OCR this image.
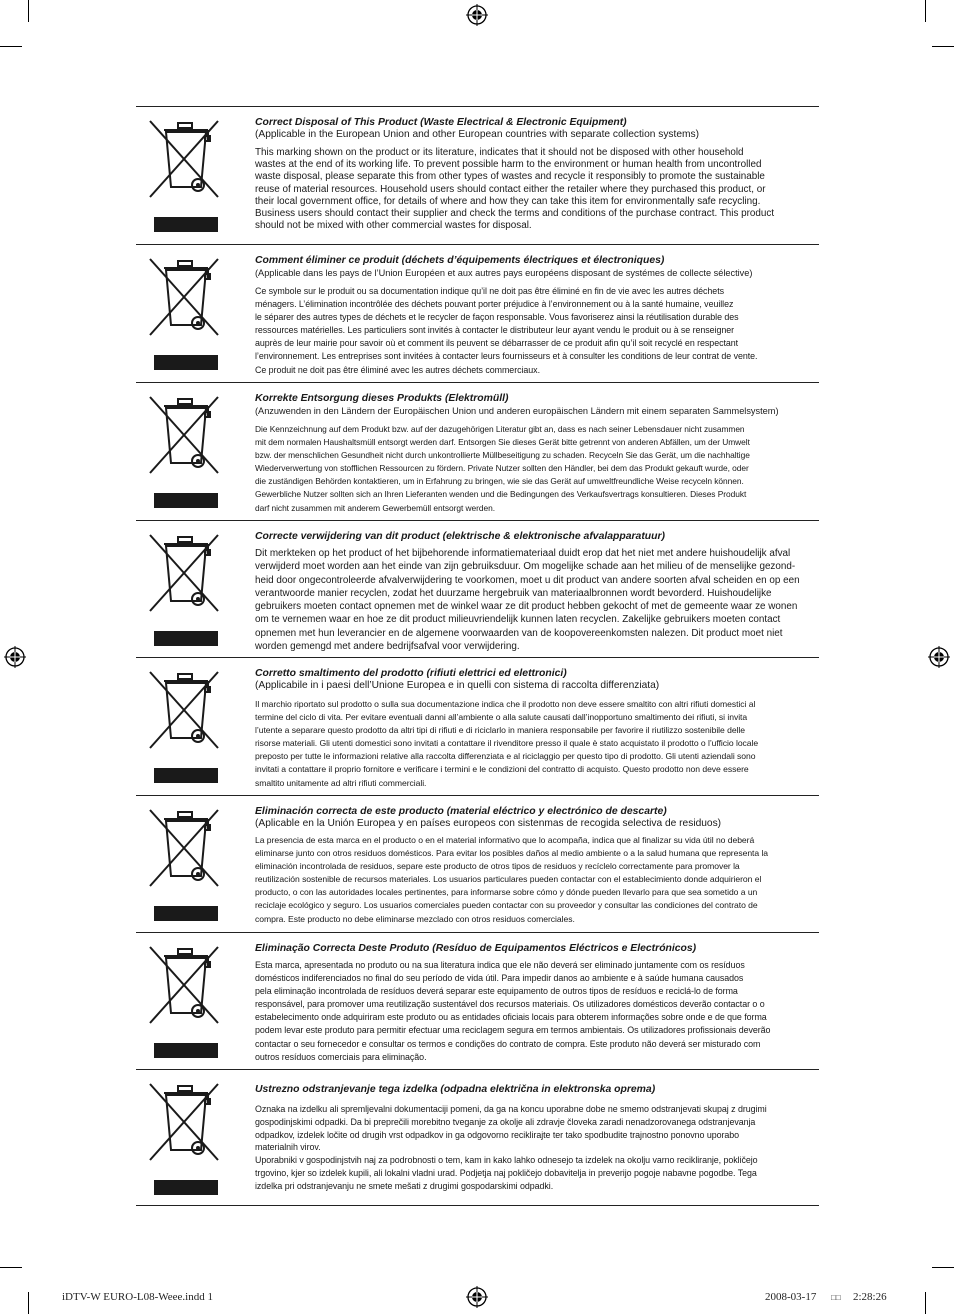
Correct Disposal of This Product (Waste Electrical & Electronic Equipment)

(Applicable in the European Union and other European countries with separate collection systems)

This marking shown on the product or its literature, indicates that it should not be disposed with other household
wastes at the end of its working life. To prevent possible harm to the environment or human health from uncontrolled
waste disposal, please separate this from other types of wastes and recycle it responsibly to promote the sustainable
reuse of material resources. Household users should contact either the retailer where they purchased this product, or
their local government office, for details of where and how they can take this item for environmentally safe recycling.
Business users should contact their supplier and check the terms and conditions of the purchase contract. This product
should not be mixed with other commercial wastes for disposal.

Comment éliminer ce produit (déchets d’équipements électriques et électroniques)

(Applicable dans les pays de l’Union Européen et aux autres pays européens disposant de systémes de collecte sélective)

Ce symbole sur le produit ou sa documentation indique qu’il ne doit pas être éliminé en fin de vie avec les autres déchets
ménagers. L’élimination incontrôlée des déchets pouvant porter préjudice à l’environnement ou à la santé humaine, veuillez
le séparer des autres types de déchets et le recycler de façon responsable. Vous favoriserez ainsi la réutilisation durable des
ressources matérielles. Les particuliers sont invités à contacter le distributeur leur ayant vendu le produit ou à se renseigner
auprès de leur mairie pour savoir où et comment ils peuvent se débarrasser de ce produit afin qu’il soit recyclé en respectant
l’environnement. Les entreprises sont invitées à contacter leurs fournisseurs et à consulter les conditions de leur contrat de vente.
Ce produit ne doit pas être éliminé avec les autres déchets commerciaux.

Korrekte Entsorgung dieses Produkts (Elektromüll)

(Anzuwenden in den Ländern der Europäischen Union und anderen europäischen Ländern mit einem separaten Sammelsystem)

Die Kennzeichnung auf dem Produkt bzw. auf der dazugehörigen Literatur gibt an, dass es nach seiner Lebensdauer nicht zusammen
mit dem normalen Haushaltsmüll entsorgt werden darf. Entsorgen Sie dieses Gerät bitte getrennt von anderen Abfällen, um der Umwelt
bzw. der menschlichen Gesundheit nicht durch unkontrollierte Müllbeseitigung zu schaden. Recyceln Sie das Gerät, um die nachhaltige
Wiederverwertung von stofflichen Ressourcen zu fördern. Private Nutzer sollten den Händler, bei dem das Produkt gekauft wurde, oder
die zuständigen Behörden kontaktieren, um in Erfahrung zu bringen, wie sie das Gerät auf umweltfreundliche Weise recyceln können.
Gewerbliche Nutzer sollten sich an Ihren Lieferanten wenden und die Bedingungen des Verkaufsvertrags konsultieren. Dieses Produkt
darf nicht zusammen mit anderem Gewerbemüll entsorgt werden.

Correcte verwijdering van dit product (elektrische & elektronische afvalapparatuur)

Dit merkteken op het product of het bijbehorende informatiemateriaal duidt erop dat het niet met andere huishoudelijk afval
verwijderd moet worden aan het einde van zijn gebruiksduur. Om mogelijke schade aan het milieu of de menselijke gezond-
heid door ongecontroleerde afvalverwijdering te voorkomen, moet u dit product van andere soorten afval scheiden en op een
verantwoorde manier recyclen, zodat het duurzame hergebruik van materiaalbronnen wordt bevorderd. Huishoudelijke
gebruikers moeten contact opnemen met de winkel waar ze dit product hebben gekocht of met de gemeente waar ze wonen
om te vernemen waar en hoe ze dit product milieuvriendelijk kunnen laten recyclen. Zakelijke gebruikers moeten contact
opnemen met hun leverancier en de algemene voorwaarden van de koopovereenkomsten nalezen. Dit product moet niet
worden gemengd met andere bedrijfsafval voor verwijdering.

Corretto smaltimento del prodotto (rifiuti elettrici ed elettronici)

(Applicabile in i paesi dell’Unione Europea e in quelli con sistema di raccolta differenziata)

Il marchio riportato sul prodotto o sulla sua documentazione indica che il prodotto non deve essere smaltito con altri rifiuti domestici al
termine del ciclo di vita. Per evitare eventuali danni all’ambiente o alla salute causati dall’inopportuno smaltimento dei rifiuti, si invita
l’utente a separare questo prodotto da altri tipi di rifiuti e di riciclarlo in maniera responsabile per favorire il riutilizzo sostenibile delle
risorse materiali. Gli utenti domestici sono invitati a contattare il rivenditore presso il quale è stato acquistato il prodotto o l’ufficio locale
preposto per tutte le informazioni relative alla raccolta differenziata e al riciclaggio per questo tipo di prodotto. Gli utenti aziendali sono
invitati a contattare il proprio fornitore e verificare i termini e le condizioni del contratto di acquisto. Questo prodotto non deve essere
smaltito unitamente ad altri rifiuti commerciali.

Eliminación correcta de este producto (material eléctrico y electrónico de descarte)

(Aplicable en la Unión Europea y en países europeos con sistenmas de recogida selectiva de residuos)

La presencia de esta marca en el producto o en el material informativo que lo acompaña, indica que al finalizar su vida útil no deberá
eliminarse junto con otros residuos domésticos. Para evitar los posibles daños al medio ambiente o a la salud humana que representa la
eliminación incontrolada de residuos, separe este producto de otros tipos de residuos y recíclelo correctamente para promover la
reutilización sostenible de recursos materiales. Los usuarios particulares pueden contactar con el establecimiento donde adquirieron el
producto, o con las autoridades locales pertinentes, para informarse sobre cómo y dónde pueden llevarlo para que sea sometido a un
reciclaje ecológico y seguro. Los usuarios comerciales pueden contactar con su proveedor y consultar las condiciones del contrato de
compra. Este producto no debe eliminarse mezclado con otros residuos comerciales.

Eliminação Correcta Deste Produto (Resíduo de Equipamentos Eléctricos e Electrónicos)

Esta marca, apresentada no produto ou na sua literatura indica que ele não deverá ser eliminado juntamente com os resíduos
domésticos indiferenciados no final do seu período de vida útil. Para impedir danos ao ambiente e à saúde humana causados
pela eliminação incontrolada de resíduos deverá separar este equipamento de outros tipos de resíduos e reciclá-lo de forma
responsável, para promover uma reutilização sustentável dos recursos materiais. Os utilizadores domésticos deverão contactar o o
estabelecimento onde adquiriram este produto ou as entidades oficiais locais para obterem informações sobre onde e de que forma
podem levar este produto para permitir efectuar uma reciclagem segura em termos ambientais. Os utilizadores profissionais deverão
contactar o seu fornecedor e consultar os termos e condições do contrato de compra. Este produto não deverá ser misturado com
outros resíduos comerciais para eliminação.

Ustrezno odstranjevanje tega izdelka (odpadna električna in elektronska oprema)

Oznaka na izdelku ali spremljevalni dokumentaciji pomeni, da ga na koncu uporabne dobe ne smemo odstranjevati skupaj z drugimi
gospodinjskimi odpadki. Da bi preprečili morebitno tveganje za okolje ali zdravje človeka zaradi nenadzorovanega odstranjevanja
odpadkov, izdelek ločite od drugih vrst odpadkov in ga odgovorno reciklirajte ter tako spodbudite trajnostno ponovno uporabo
materialnih virov.
Uporabniki v gospodinjstvih naj za podrobnosti o tem, kam in kako lahko odnesejo ta izdelek na okolju varno recikliranje, pokličejo
trgovino, kjer so izdelek kupili, ali lokalni vladni urad. Podjetja naj pokličejo dobavitelja in preverijo pogoje nabavne pogodbe. Tega
izdelka pri odstranjevanju ne smete mešati z drugimi gospodarskimi odpadki.

iDTV-W EURO-L08-Weee.indd 1	2008-03-17 □□ 2:28:26
